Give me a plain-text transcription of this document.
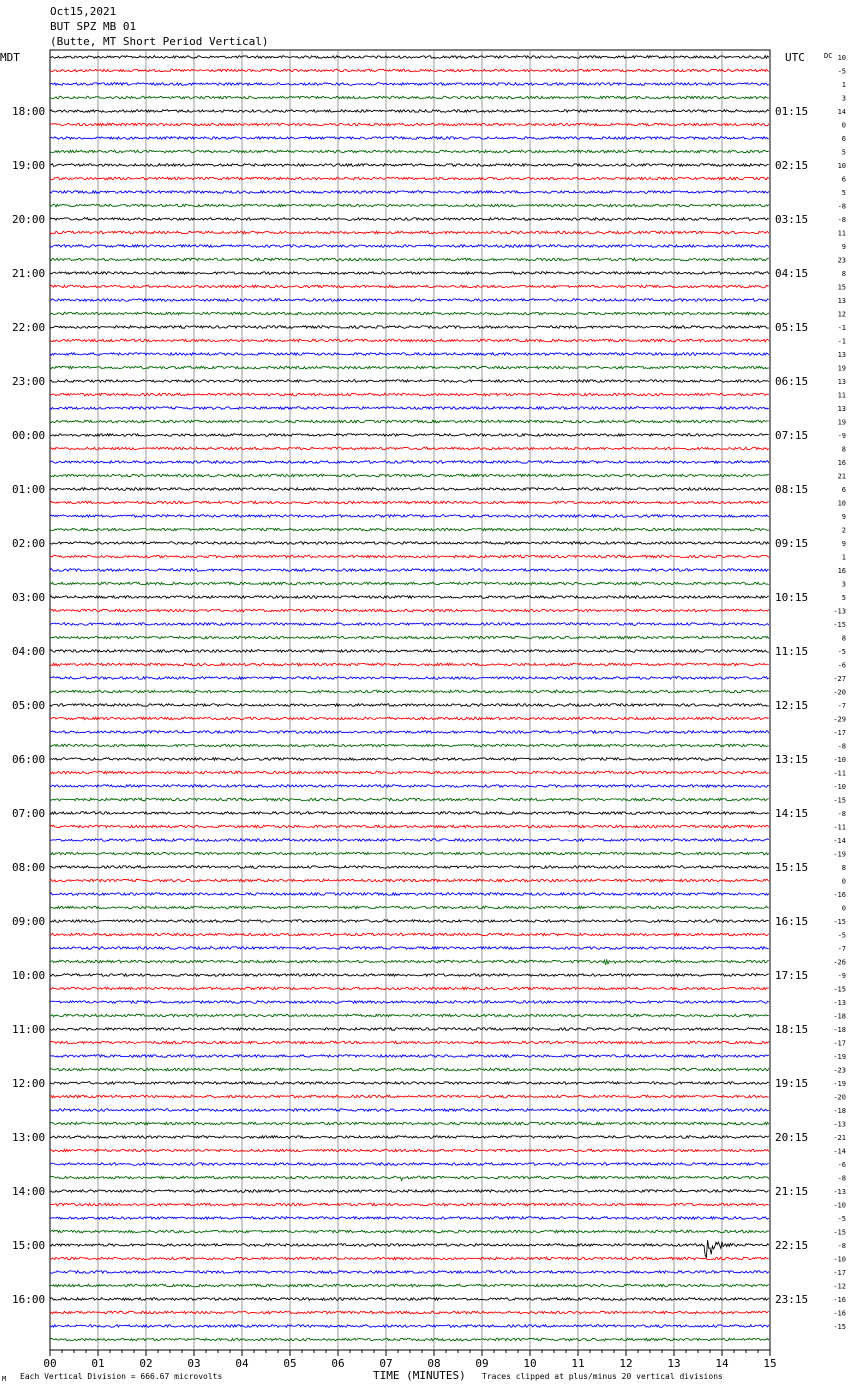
Oct15,2021
BUT SPZ MB 01
(Butte, MT Short Period Vertical)
MDT	UTC	DC
18:00
19:00
20:00
21:00
22:00
23:00
00:00
01:00
02:00
03:00
04:00
05:00
06:00
07:00
08:00
09:00
10:00
11:00
12:00
13:00
14:00
15:00
16:00
01:15
02:15
03:15
04:15
05:15
06:15
07:15
08:15
09:15
10:15
11:15
12:15
13:15
14:15
15:15
16:15
17:15
18:15
19:15
20:15
21:15
22:15
23:15
10
-5
1
3
14
0
6
5
10
6
5
-8
-8
11
9
23
8
15
13
12
-1
-1
13
19
13
11
13
19
-9
8
16
21
6
10
9
2
9
1
16
3
5
-13
-15
8
-5
-6
-27
-20
-7
-29
-17
-8
-10
-11
-10
-15
-8
-11
-14
-19
8
0
-16
0
-15
-5
-7
-26
-9
-15
-13
-18
-18
-17
-19
-23
-19
-20
-18
-13
-21
-14
-6
-8
-13
-10
-5
-15
-8
-10
-17
-12
-16
-16
-15
00	01	02	03	04	05	06	07	08	09	10	11	12	13	14	15
M Each Vertical Division = 666.67 microvolts	TIME (MINUTES) Traces clipped at plus/minus 20 vertical divisions
